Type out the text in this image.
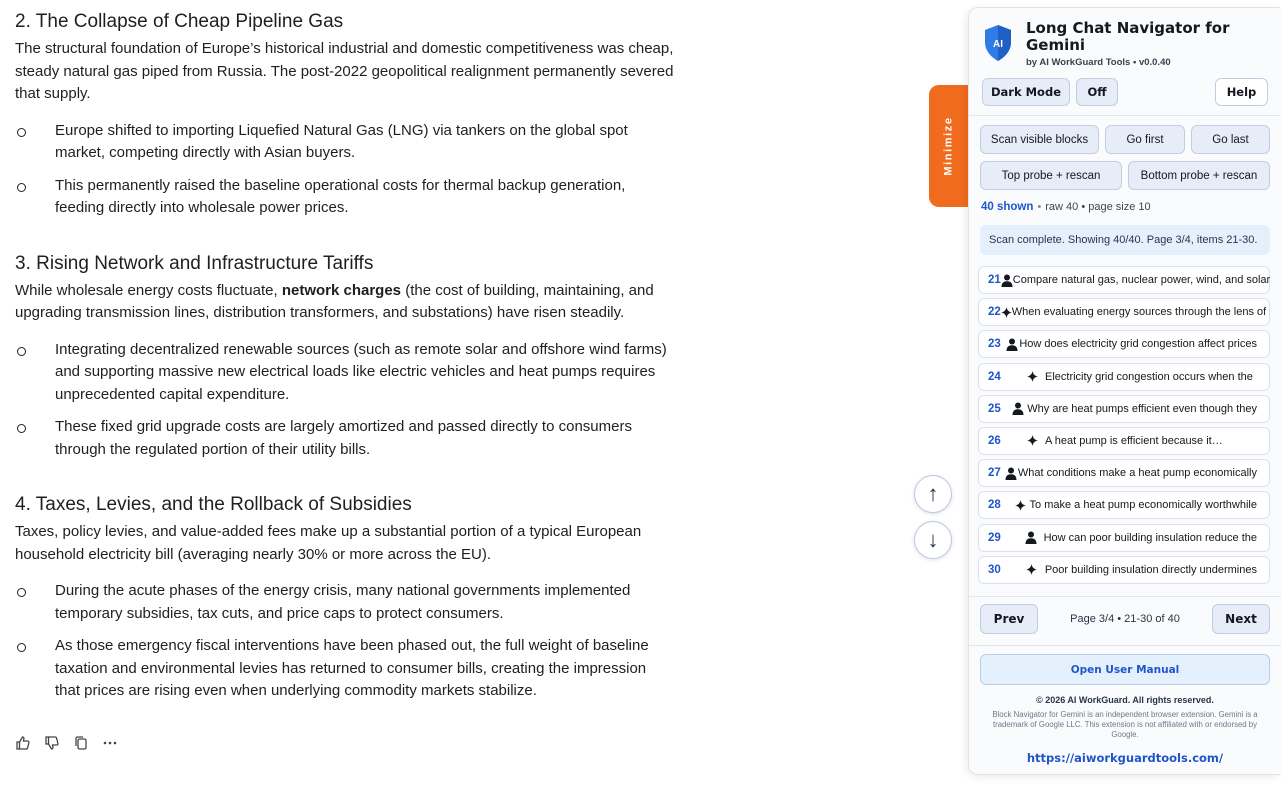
2. The Collapse of Cheap Pipeline Gas

The structural foundation of Europe’s historical industrial and domestic competitiveness was cheap, steady natural gas piped from Russia. The post-2022 geopolitical realignment permanently severed that supply.

Europe shifted to importing Liquefied Natural Gas (LNG) via tankers on the global spot market, competing directly with Asian buyers.
This permanently raised the baseline operational costs for thermal backup generation, feeding directly into wholesale power prices.
3. Rising Network and Infrastructure Tariffs

While wholesale energy costs fluctuate, network charges (the cost of building, maintaining, and upgrading transmission lines, distribution transformers, and substations) have risen steadily.

Integrating decentralized renewable sources (such as remote solar and offshore wind farms) and supporting massive new electrical loads like electric vehicles and heat pumps requires unprecedented capital expenditure.
These fixed grid upgrade costs are largely amortized and passed directly to consumers through the regulated portion of their utility bills.
4. Taxes, Levies, and the Rollback of Subsidies

Taxes, policy levies, and value-added fees make up a substantial portion of a typical European household electricity bill (averaging nearly 30% or more across the EU).

During the acute phases of the energy crisis, many national governments implemented temporary subsidies, tax cuts, and price caps to protect consumers.
As those emergency fiscal interventions have been phased out, the full weight of baseline taxation and environmental levies has returned to consumer bills, creating the impression that prices are rising even when underlying commodity markets stabilize.
↑
↓
Minimize
AI
Long Chat Navigator for Gemini
by AI WorkGuard Tools • v0.0.40
Dark Mode	Off	Help
Scan visible blocks	Go first	Go last
Top probe + rescan	Bottom probe + rescan
40 shown • raw 40 • page size 10
Scan complete. Showing 40/40. Page 3/4, items 21-30.
21 Compare natural gas, nuclear power, wind, and solar
22 When evaluating energy sources through the lens of
23	How does electricity grid congestion affect prices
24	Electricity grid congestion occurs when the
25	Why are heat pumps efficient even though they
26	A heat pump is efficient because it…
27	What conditions make a heat pump economically
28	To make a heat pump economically worthwhile
29	How can poor building insulation reduce the
30	Poor building insulation directly undermines
Prev	Page 3/4 • 21-30 of 40	Next
Open User Manual
© 2026 AI WorkGuard. All rights reserved.
Block Navigator for Gemini is an independent browser extension. Gemini is a trademark of Google LLC. This extension is not affiliated with or endorsed by Google.
https://aiworkguardtools.com/
